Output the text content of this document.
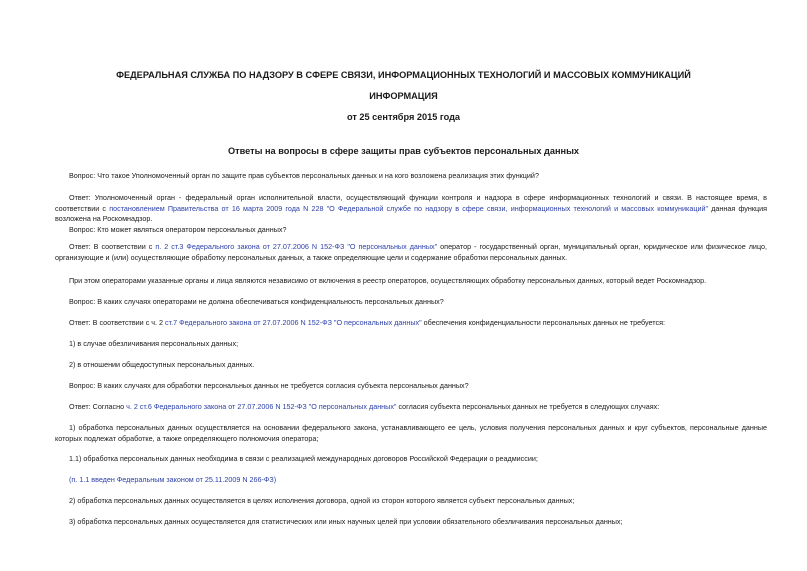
ФЕДЕРАЛЬНАЯ СЛУЖБА ПО НАДЗОРУ В СФЕРЕ СВЯЗИ, ИНФОРМАЦИОННЫХ ТЕХНОЛОГИЙ И МАССОВЫХ КОММУНИКАЦИЙ
ИНФОРМАЦИЯ
от 25 сентября 2015 года
Ответы на вопросы в сфере защиты прав субъектов персональных данных
Вопрос: Что такое Уполномоченный орган по защите прав субъектов персональных данных и на кого возложена реализация этих функций?
Ответ: Уполномоченный орган - федеральный орган исполнительной власти, осуществляющий функции контроля и надзора в сфере информационных технологий и связи. В настоящее время, в соответствии с постановлением Правительства от 16 марта 2009 года N 228 "О Федеральной службе по надзору в сфере связи, информационных технологий и массовых коммуникаций" данная функция возложена на Роскомнадзор.
Вопрос: Кто может являться оператором персональных данных?
Ответ: В соответствии с п. 2 ст.3 Федерального закона от 27.07.2006 N 152-ФЗ "О персональных данных" оператор - государственный орган, муниципальный орган, юридическое или физическое лицо, организующие и (или) осуществляющие обработку персональных данных, а также определяющие цели и содержание обработки персональных данных.
При этом операторами указанные органы и лица являются независимо от включения в реестр операторов, осуществляющих обработку персональных данных, который ведет Роскомнадзор.
Вопрос: В каких случаях операторами не должна обеспечиваться конфиденциальность персональных данных?
Ответ: В соответствии с ч. 2 ст.7 Федерального закона от 27.07.2006 N 152-ФЗ "О персональных данных" обеспечения конфиденциальности персональных данных не требуется:
1) в случае обезличивания персональных данных;
2) в отношении общедоступных персональных данных.
Вопрос: В каких случаях для обработки персональных данных не требуется согласия субъекта персональных данных?
Ответ: Согласно ч. 2 ст.6 Федерального закона от 27.07.2006 N 152-ФЗ "О персональных данных" согласия субъекта персональных данных не требуется в следующих случаях:
1) обработка персональных данных осуществляется на основании федерального закона, устанавливающего ее цель, условия получения персональных данных и круг субъектов, персональные данные которых подлежат обработке, а также определяющего полномочия оператора;
1.1) обработка персональных данных необходима в связи с реализацией международных договоров Российской Федерации о реадмиссии;
(п. 1.1 введен Федеральным законом от 25.11.2009 N 266-ФЗ)
2) обработка персональных данных осуществляется в целях исполнения договора, одной из сторон которого является субъект персональных данных;
3) обработка персональных данных осуществляется для статистических или иных научных целей при условии обязательного обезличивания персональных данных;
